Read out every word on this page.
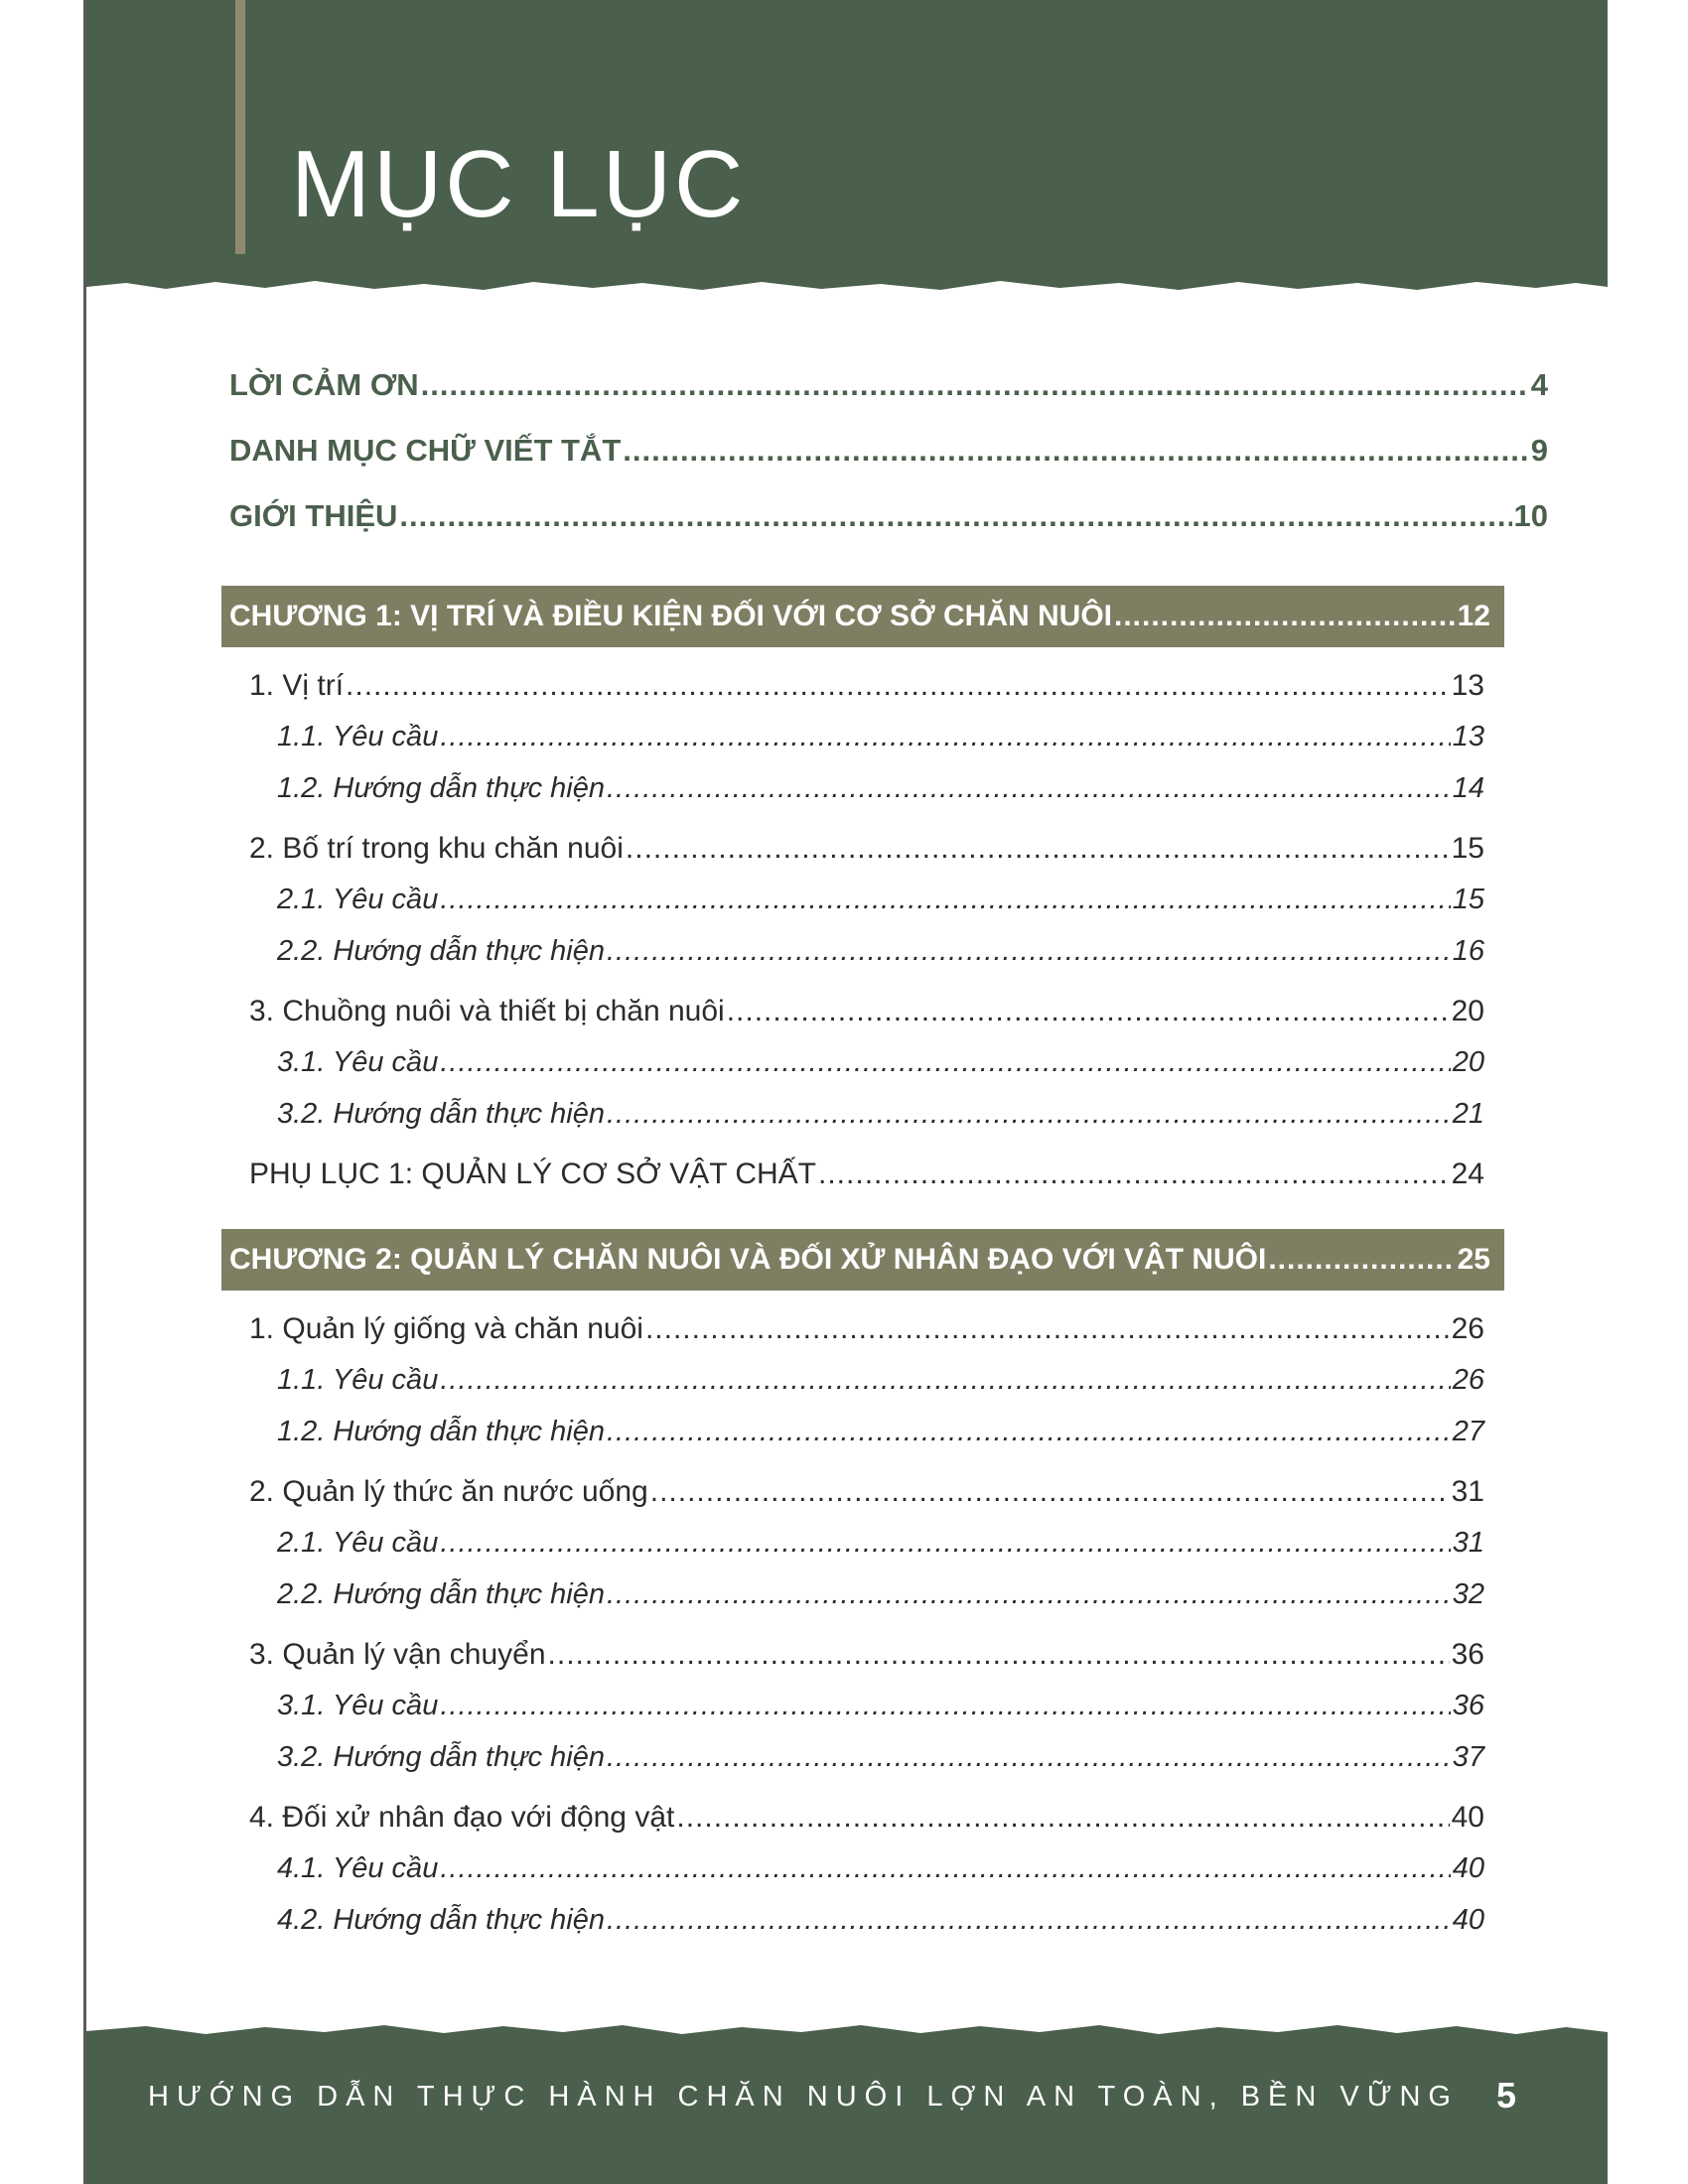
MỤC LỤC
LỜI CẢM ƠN .....	4
DANH MỤC CHỮ VIẾT TẮT .....	9
GIỚI THIỆU .....	10
CHƯƠNG 1: VỊ TRÍ VÀ ĐIỀU KIỆN ĐỐI VỚI CƠ SỞ CHĂN NUÔI .....	12
1. Vị trí .....	13
1.1. Yêu cầu .....	13
1.2. Hướng dẫn thực hiện .....	14
2. Bố trí trong khu chăn nuôi .....	15
2.1. Yêu cầu .....	15
2.2. Hướng dẫn thực hiện .....	16
3. Chuồng nuôi và thiết bị chăn nuôi .....	20
3.1. Yêu cầu .....	20
3.2. Hướng dẫn thực hiện .....	21
PHỤ LỤC 1: QUẢN LÝ CƠ SỞ VẬT CHẤT .....	24
CHƯƠNG 2: QUẢN LÝ CHĂN NUÔI VÀ ĐỐI XỬ NHÂN ĐẠO VỚI VẬT NUÔI .....	25
1. Quản lý giống và chăn nuôi .....	26
1.1. Yêu cầu .....	26
1.2. Hướng dẫn thực hiện .....	27
2. Quản lý thức ăn nước uống .....	31
2.1. Yêu cầu .....	31
2.2. Hướng dẫn thực hiện .....	32
3. Quản lý vận chuyển .....	36
3.1. Yêu cầu .....	36
3.2. Hướng dẫn thực hiện .....	37
4. Đối xử nhân đạo với động vật .....	40
4.1. Yêu cầu .....	40
4.2. Hướng dẫn thực hiện .....	40
HƯỚNG DẪN THỰC HÀNH CHĂN NUÔI LỢN AN TOÀN, BỀN VỮNG 5
